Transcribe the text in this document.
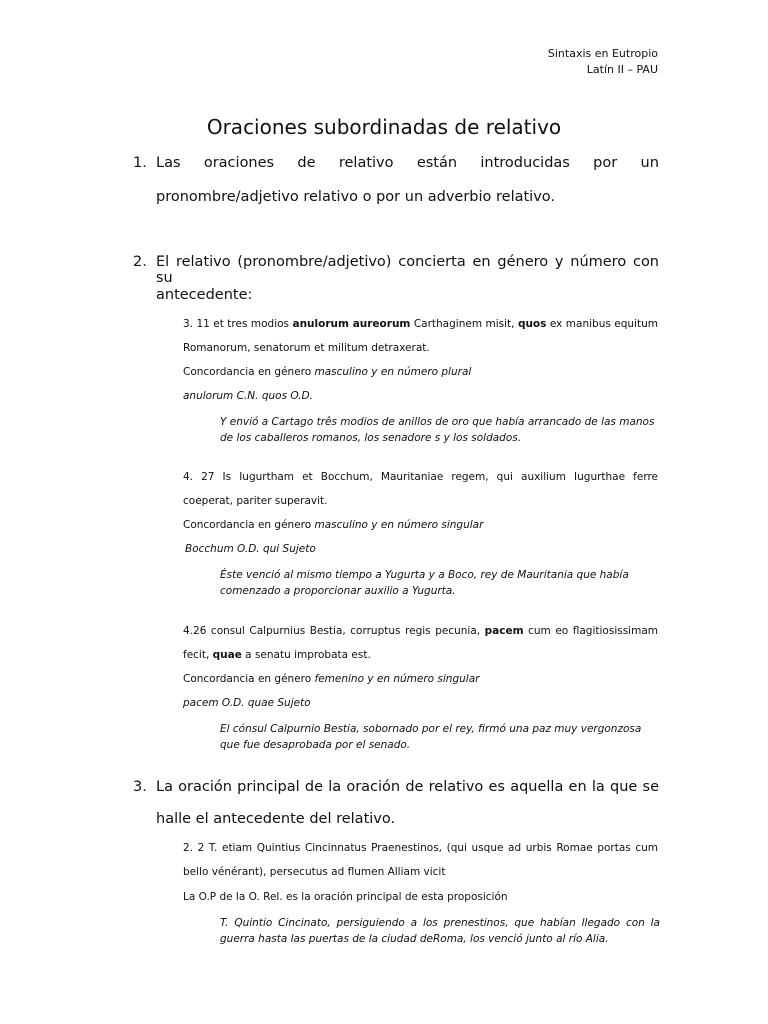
Sintaxis en Eutropio
Latín II – PAU
Oraciones subordinadas de relativo
1. Las oraciones de relativo están introducidas por un
pronombre/adjetivo relativo o por un adverbio relativo.
2. El relativo (pronombre/adjetivo) concierta en género y número con su
antecedente:
3. 11 et tres modios anulorum aureorum Carthaginem misit, quos ex manibus equitum
Romanorum, senatorum et militum detraxerat.
Concordancia en género masculino y en número plural
anulorum C.N. quos O.D.
Y envió a Cartago três modios de anillos de oro que había arrancado de las manos
de los caballeros romanos, los senadore s y los soldados.
4. 27 Is Iugurtham et Bocchum, Mauritaniae regem, qui auxilium Iugurthae ferre
coeperat, pariter superavit.
Concordancia en género masculino y en número singular
Bocchum O.D. qui Sujeto
Éste venció al mismo tiempo a Yugurta y a Boco, rey de Mauritania que había
comenzado a proporcionar auxilio a Yugurta.
4.26 consul Calpurnius Bestia, corruptus regis pecunia, pacem cum eo flagitiosissimam
fecit, quae a senatu improbata est.
Concordancia en género femenino y en número singular
pacem O.D. quae Sujeto
El cónsul Calpurnio Bestia, sobornado por el rey, firmó una paz muy vergonzosa
que fue desaprobada por el senado.
3. La oración principal de la oración de relativo es aquella en la que se
halle el antecedente del relativo.
2. 2 T. etiam Quintius Cincinnatus Praenestinos, (qui usque ad urbis Romae portas cum
bello vénérant), persecutus ad flumen Alliam vicit
La O.P de la O. Rel. es la oración principal de esta proposición
T. Quintio Cincinato, persiguiendo a los prenestinos, que habían llegado con la
guerra hasta las puertas de la ciudad deRoma, los venció junto al río Alia.
